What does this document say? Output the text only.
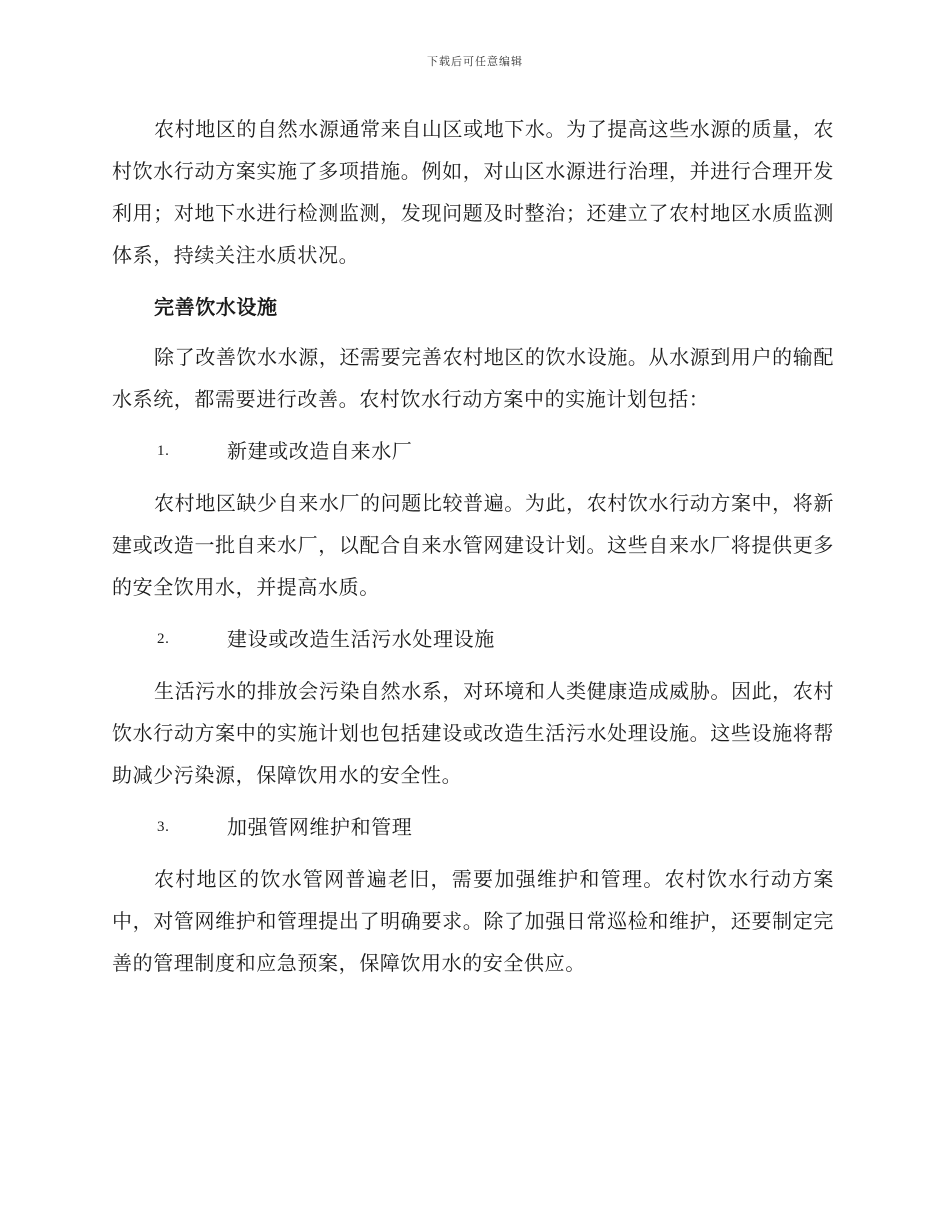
下载后可任意编辑

农村地区的自然水源通常来自山区或地下水。为了提高这些水源的质量，农村饮水行动方案实施了多项措施。例如，对山区水源进行治理，并进行合理开发利用；对地下水进行检测监测，发现问题及时整治；还建立了农村地区水质监测体系，持续关注水质状况。

完善饮水设施

除了改善饮水水源，还需要完善农村地区的饮水设施。从水源到用户的输配水系统，都需要进行改善。农村饮水行动方案中的实施计划包括：

1.	新建或改造自来水厂

农村地区缺少自来水厂的问题比较普遍。为此，农村饮水行动方案中，将新建或改造一批自来水厂，以配合自来水管网建设计划。这些自来水厂将提供更多的安全饮用水，并提高水质。

2.	建设或改造生活污水处理设施

生活污水的排放会污染自然水系，对环境和人类健康造成威胁。因此，农村饮水行动方案中的实施计划也包括建设或改造生活污水处理设施。这些设施将帮助减少污染源，保障饮用水的安全性。

3.	加强管网维护和管理

农村地区的饮水管网普遍老旧，需要加强维护和管理。农村饮水行动方案中，对管网维护和管理提出了明确要求。除了加强日常巡检和维护，还要制定完善的管理制度和应急预案，保障饮用水的安全供应。
